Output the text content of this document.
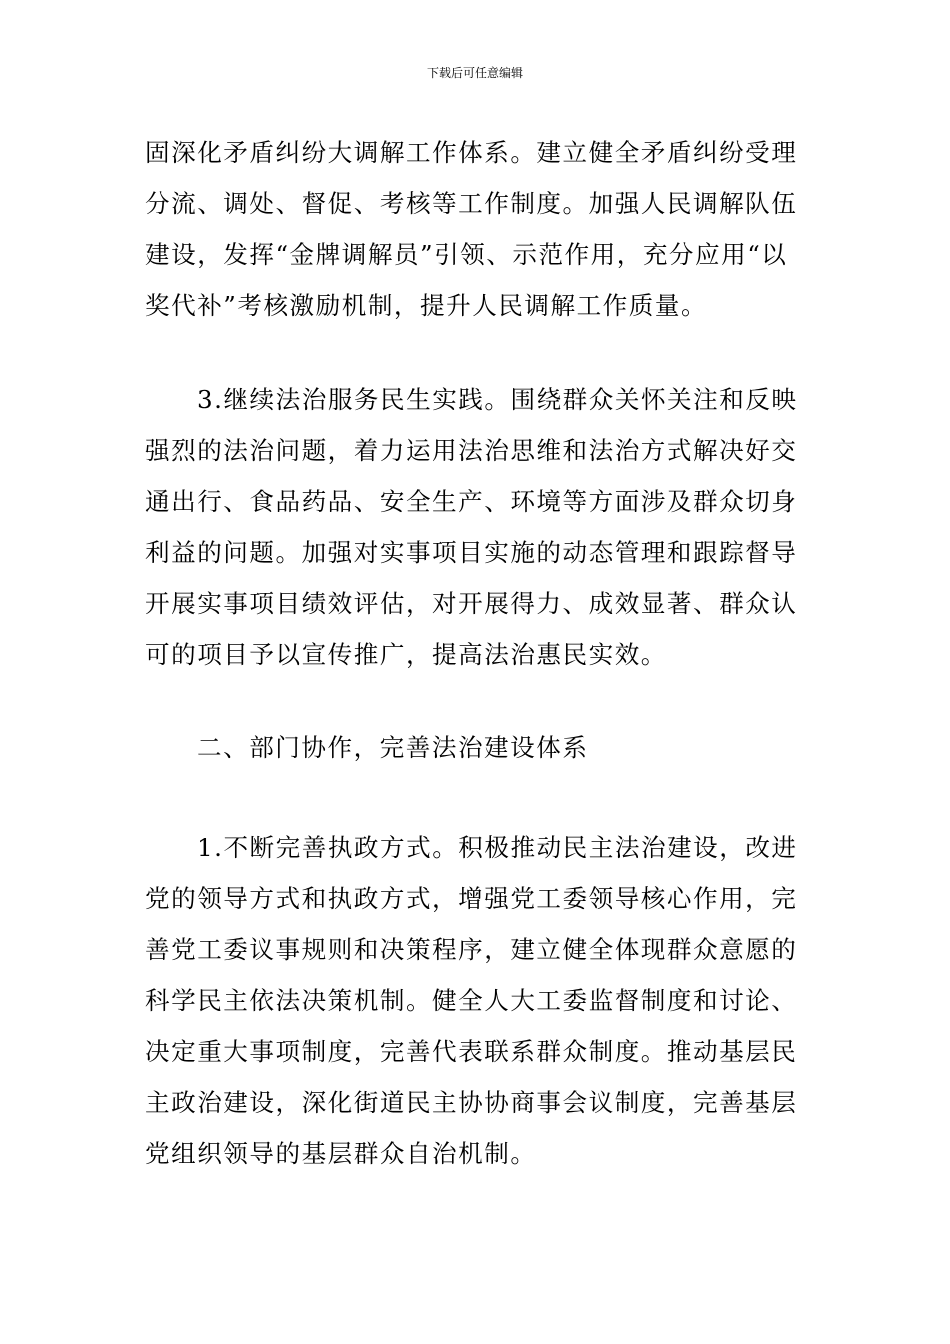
下载后可任意编辑
固深化矛盾纠纷大调解工作体系。建立健全矛盾纠纷受理分流、调处、督促、考核等工作制度。加强人民调解队伍建设，发挥“金牌调解员”引领、示范作用，充分应用“以奖代补”考核激励机制，提升人民调解工作质量。
3.继续法治服务民生实践。围绕群众关怀关注和反映强烈的法治问题，着力运用法治思维和法治方式解决好交通出行、食品药品、安全生产、环境等方面涉及群众切身利益的问题。加强对实事项目实施的动态管理和跟踪督导开展实事项目绩效评估，对开展得力、成效显著、群众认可的项目予以宣传推广，提高法治惠民实效。
二、部门协作，完善法治建设体系
1.不断完善执政方式。积极推动民主法治建设，改进党的领导方式和执政方式，增强党工委领导核心作用，完善党工委议事规则和决策程序，建立健全体现群众意愿的科学民主依法决策机制。健全人大工委监督制度和讨论、决定重大事项制度，完善代表联系群众制度。推动基层民主政治建设，深化街道民主协协商事会议制度，完善基层党组织领导的基层群众自治机制。
